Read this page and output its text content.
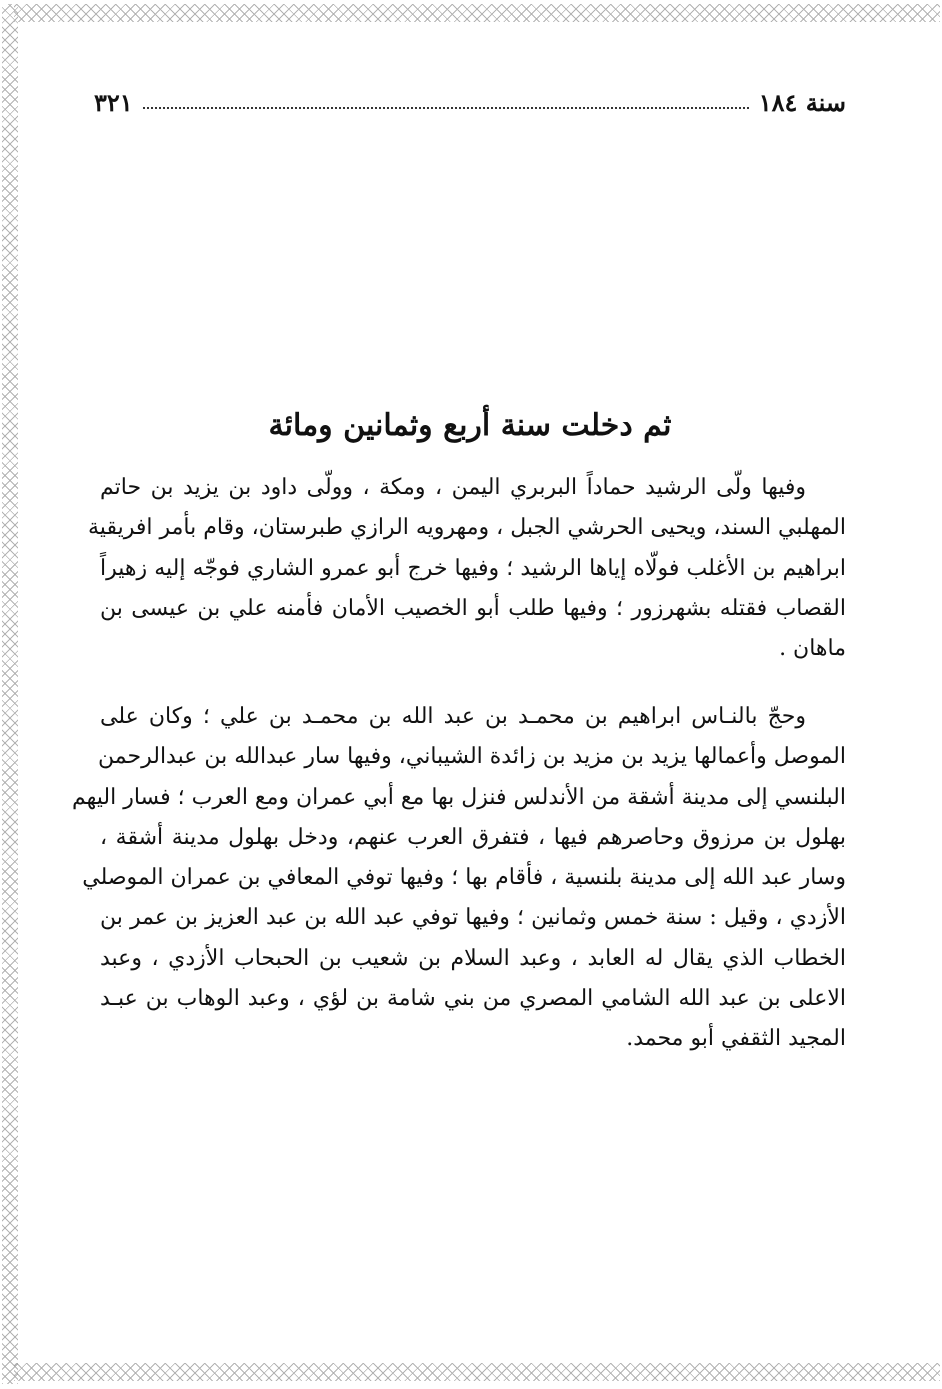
سنة ١٨٤
٣٢١
ثم دخلت سنة أربع وثمانين ومائة
وفيها ولّى الرشيد حماداً البربري اليمن ، ومكة ، وولّى داود بن يزيد بن حاتم
المهلبي السند، ويحيى الحرشي الجبل ، ومهرويه الرازي طبرستان، وقام بأمر افريقية
ابراهيم بن الأغلب فولّاه إياها الرشيد ؛ وفيها خرج أبو عمرو الشاري فوجّه إليه زهيراً
القصاب فقتله بشهرزور ؛ وفيها طلب أبو الخصيب الأمان فأمنه علي بن عيسى بن
ماهان .
وحجّ بالنـاس ابراهيم بن محمـد بن عبد الله بن محمـد بن علي ؛ وكان على
الموصل وأعمالها يزيد بن مزيد بن زائدة الشيباني، وفيها سار عبدالله بن عبدالرحمن
البلنسي إلى مدينة أشقة من الأندلس فنزل بها مع أبي عمران ومع العرب ؛ فسار اليهم
بهلول بن مرزوق وحاصرهم فيها ، فتفرق العرب عنهم، ودخل بهلول مدينة أشقة ،
وسار عبد الله إلى مدينة بلنسية ، فأقام بها ؛ وفيها توفي المعافي بن عمران الموصلي
الأزدي ، وقيل : سنة خمس وثمانين ؛ وفيها توفي عبد الله بن عبد العزيز بن عمر بن
الخطاب الذي يقال له العابد ، وعبد السلام بن شعيب بن الحبحاب الأزدي ، وعبد
الاعلى بن عبد الله الشامي المصري من بني شامة بن لؤي ، وعبد الوهاب بن عبـد
المجيد الثقفي أبو محمد.
